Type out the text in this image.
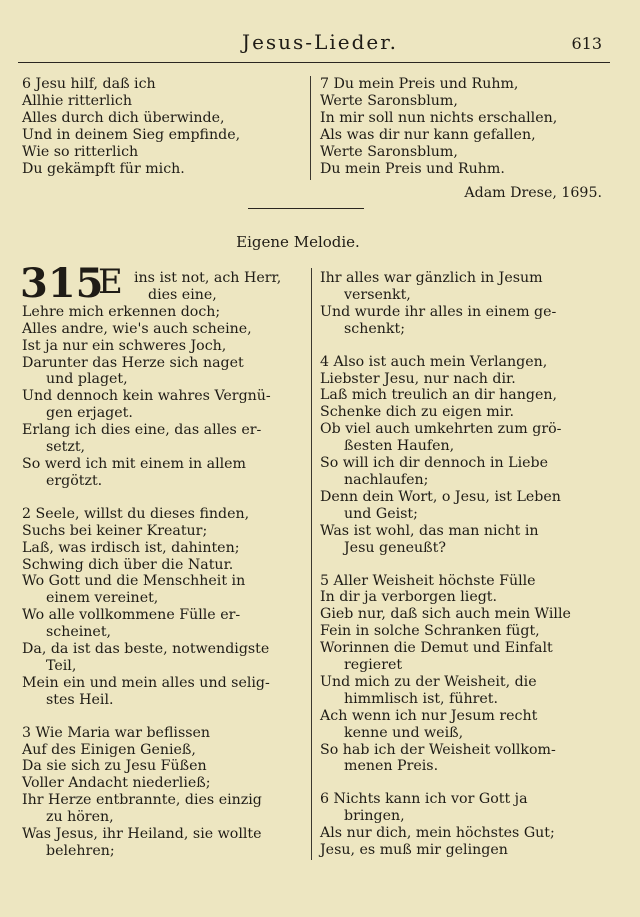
Jesus-Lieder.	613
6 Jesu hilf, daß ich
Allhie ritterlich
Alles durch dich überwinde,
Und in deinem Sieg empfinde,
Wie so ritterlich
Du gekämpft für mich.
7 Du mein Preis und Ruhm,
Werte Saronsblum,
In mir soll nun nichts erschallen,
Als was dir nur kann gefallen,
Werte Saronsblum,
Du mein Preis und Ruhm.
Adam Drese, 1695.
Eigene Melodie.
315
E ins ist not, ach Herr,
dies eine,
Lehre mich erkennen doch;
Alles andre, wie's auch scheine,
Ist ja nur ein schweres Joch,
Darunter das Herze sich naget
und plaget,
Und dennoch kein wahres Vergnü-
gen erjaget.
Erlang ich dies eine, das alles er-
setzt,
So werd ich mit einem in allem
ergötzt.
2 Seele, willst du dieses finden,
Suchs bei keiner Kreatur;
Laß, was irdisch ist, dahinten;
Schwing dich über die Natur.
Wo Gott und die Menschheit in
einem vereinet,
Wo alle vollkommene Fülle er-
scheinet,
Da, da ist das beste, notwendigste
Teil,
Mein ein und mein alles und selig-
stes Heil.
3 Wie Maria war beflissen
Auf des Einigen Genieß,
Da sie sich zu Jesu Füßen
Voller Andacht niederließ;
Ihr Herze entbrannte, dies einzig
zu hören,
Was Jesus, ihr Heiland, sie wollte
belehren;
Ihr alles war gänzlich in Jesum
versenkt,
Und wurde ihr alles in einem ge-
schenkt;
4 Also ist auch mein Verlangen,
Liebster Jesu, nur nach dir.
Laß mich treulich an dir hangen,
Schenke dich zu eigen mir.
Ob viel auch umkehrten zum grö-
ßesten Haufen,
So will ich dir dennoch in Liebe
nachlaufen;
Denn dein Wort, o Jesu, ist Leben
und Geist;
Was ist wohl, das man nicht in
Jesu geneußt?
5 Aller Weisheit höchste Fülle
In dir ja verborgen liegt.
Gieb nur, daß sich auch mein Wille
Fein in solche Schranken fügt,
Worinnen die Demut und Einfalt
regieret
Und mich zu der Weisheit, die
himmlisch ist, führet.
Ach wenn ich nur Jesum recht
kenne und weiß,
So hab ich der Weisheit vollkom-
menen Preis.
6 Nichts kann ich vor Gott ja
bringen,
Als nur dich, mein höchstes Gut;
Jesu, es muß mir gelingen
